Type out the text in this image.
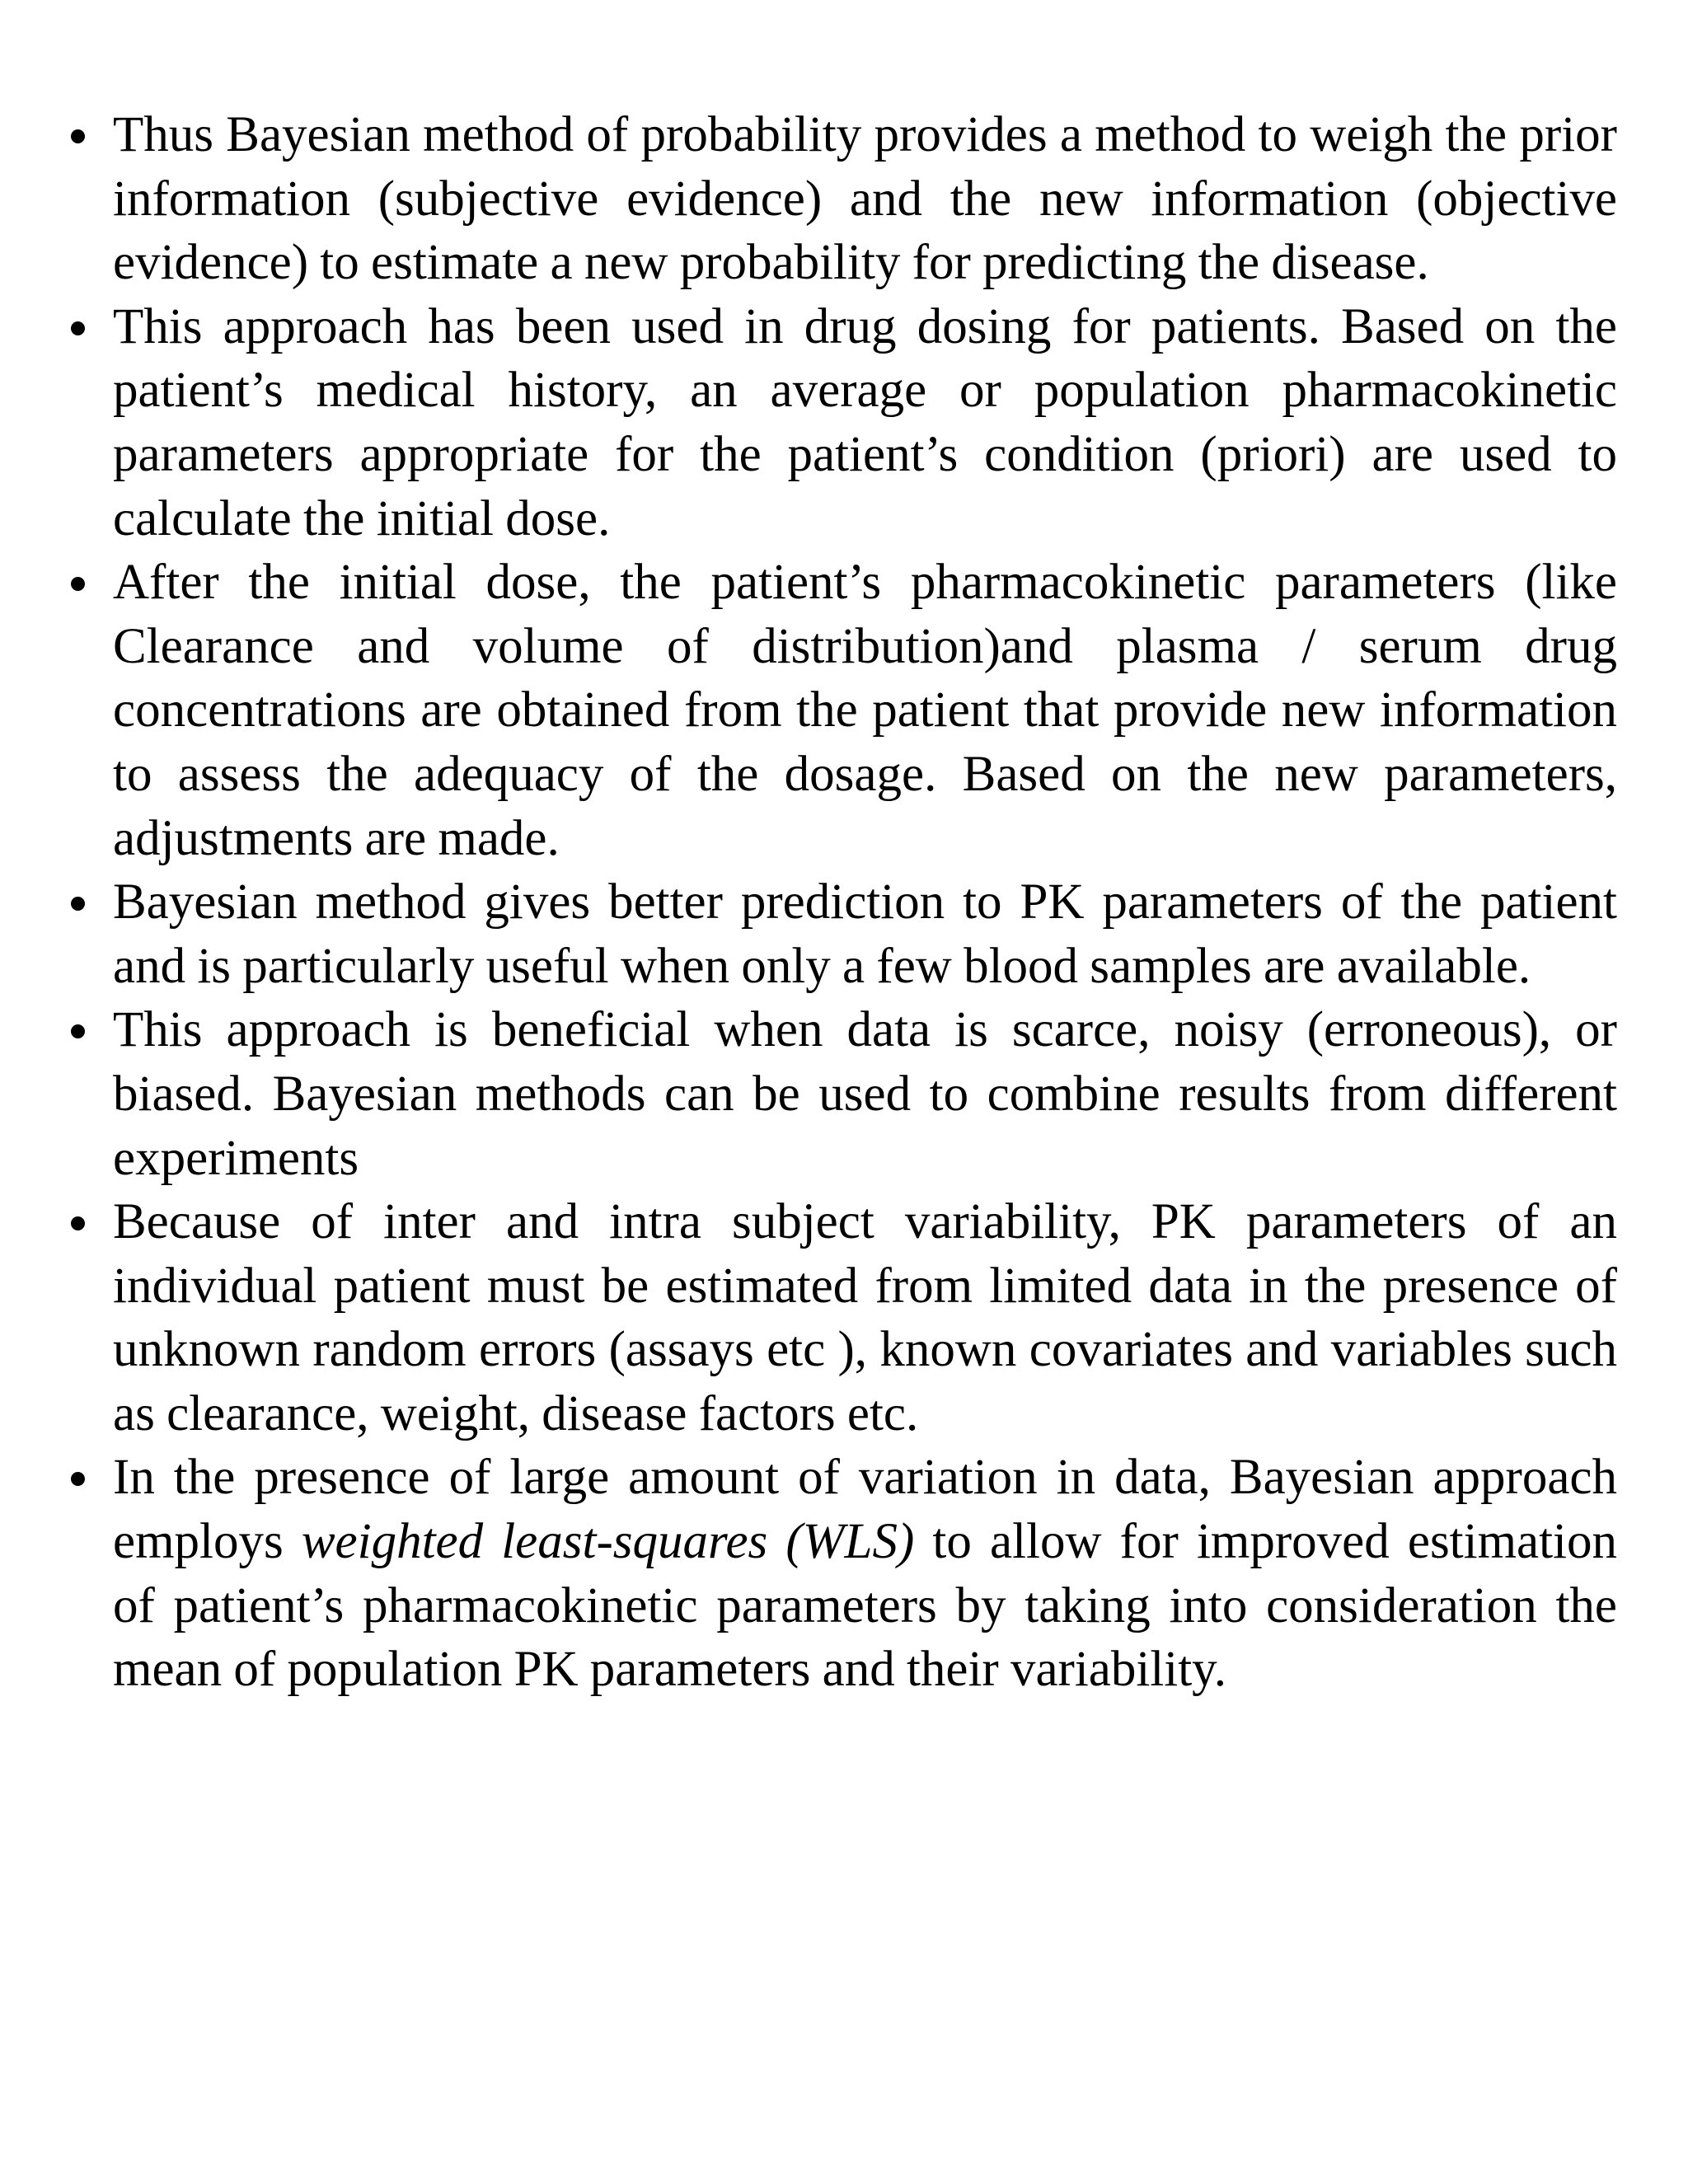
Thus Bayesian method of probability provides a method to weigh the prior information (subjective evidence) and the new information (objective evidence) to estimate a new probability for predicting the disease.
This approach has been used in drug dosing for patients. Based on the patient’s medical history, an average or population pharmacokinetic parameters appropriate for the patient’s condition (priori) are used to calculate the initial dose.
After the initial dose, the patient’s pharmacokinetic parameters (like Clearance and volume of distribution)and plasma / serum drug concentrations are obtained from the patient that provide new information to assess the adequacy of the dosage. Based on the new parameters, adjustments are made.
Bayesian method gives better prediction to PK parameters of the patient and is particularly useful when only a few blood samples are available.
This approach is beneficial when data is scarce, noisy (erroneous), or biased. Bayesian methods can be used to combine results from different experiments
Because of inter and intra subject variability, PK parameters of an individual patient must be estimated from limited data in the presence of unknown random errors (assays etc ), known covariates and variables such as clearance, weight, disease factors etc.
In the presence of large amount of variation in data, Bayesian approach employs weighted least-squares (WLS) to allow for improved estimation of patient’s pharmacokinetic parameters by taking into consideration the mean of population PK parameters and their variability.
